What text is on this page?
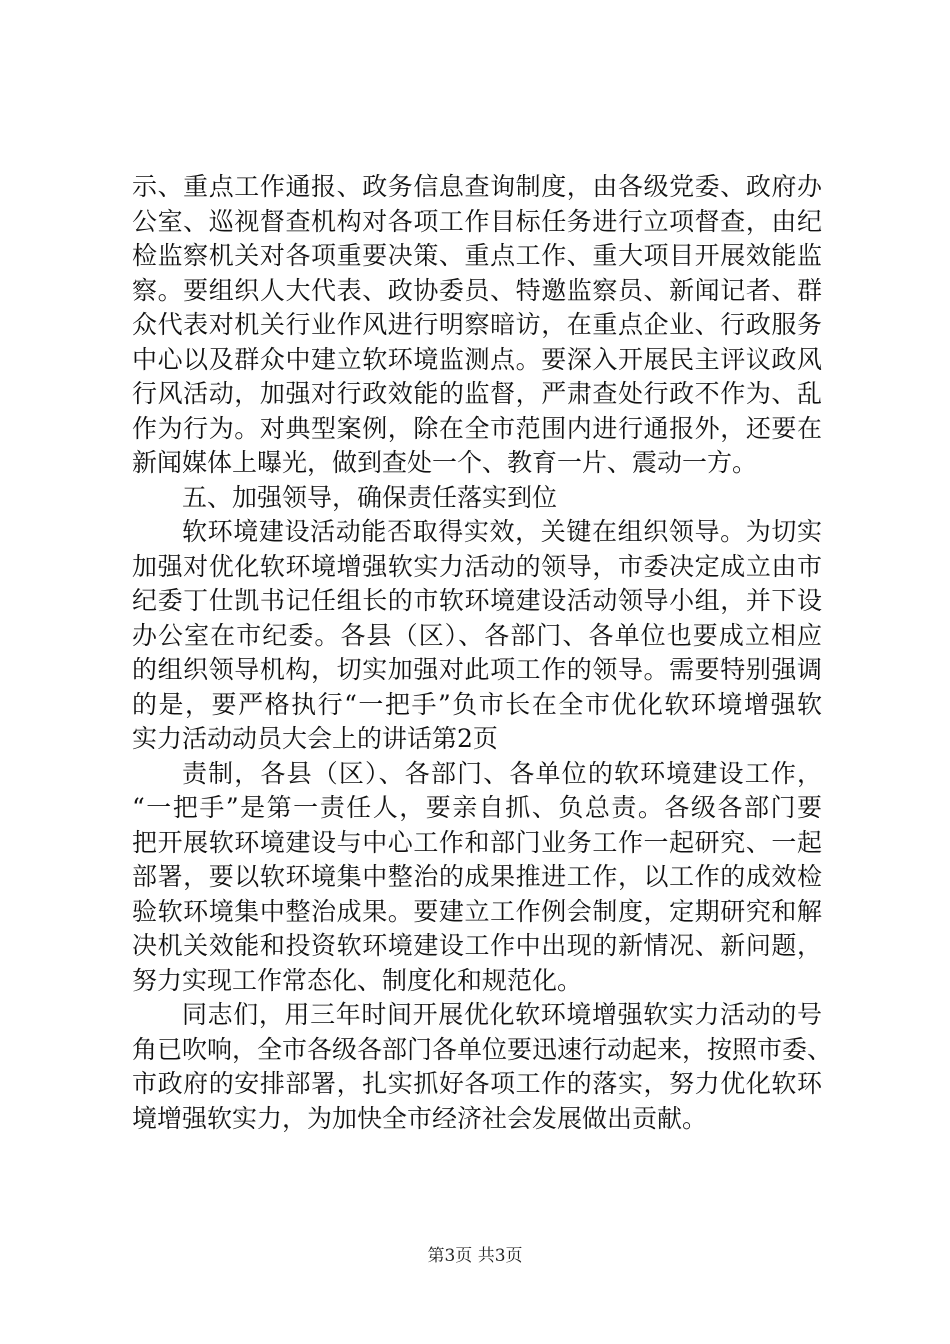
示、重点工作通报、政务信息查询制度，由各级党委、政府办
公室、巡视督查机构对各项工作目标任务进行立项督查，由纪
检监察机关对各项重要决策、重点工作、重大项目开展效能监
察。要组织人大代表、政协委员、特邀监察员、新闻记者、群
众代表对机关行业作风进行明察暗访，在重点企业、行政服务
中心以及群众中建立软环境监测点。要深入开展民主评议政风
行风活动，加强对行政效能的监督，严肃查处行政不作为、乱
作为行为。对典型案例，除在全市范围内进行通报外，还要在
新闻媒体上曝光，做到查处一个、教育一片、震动一方。
五、加强领导，确保责任落实到位
软环境建设活动能否取得实效，关键在组织领导。为切实
加强对优化软环境增强软实力活动的领导，市委决定成立由市
纪委丁仕凯书记任组长的市软环境建设活动领导小组，并下设
办公室在市纪委。各县（区）、各部门、各单位也要成立相应
的组织领导机构，切实加强对此项工作的领导。需要特别强调
的是，要严格执行“一把手”负市长在全市优化软环境增强软
实力活动动员大会上的讲话第2页
责制，各县（区）、各部门、各单位的软环境建设工作，
“一把手”是第一责任人，要亲自抓、负总责。各级各部门要
把开展软环境建设与中心工作和部门业务工作一起研究、一起
部署，要以软环境集中整治的成果推进工作，以工作的成效检
验软环境集中整治成果。要建立工作例会制度，定期研究和解
决机关效能和投资软环境建设工作中出现的新情况、新问题，
努力实现工作常态化、制度化和规范化。
同志们，用三年时间开展优化软环境增强软实力活动的号
角已吹响，全市各级各部门各单位要迅速行动起来，按照市委、
市政府的安排部署，扎实抓好各项工作的落实，努力优化软环
境增强软实力，为加快全市经济社会发展做出贡献。
第3页 共3页
